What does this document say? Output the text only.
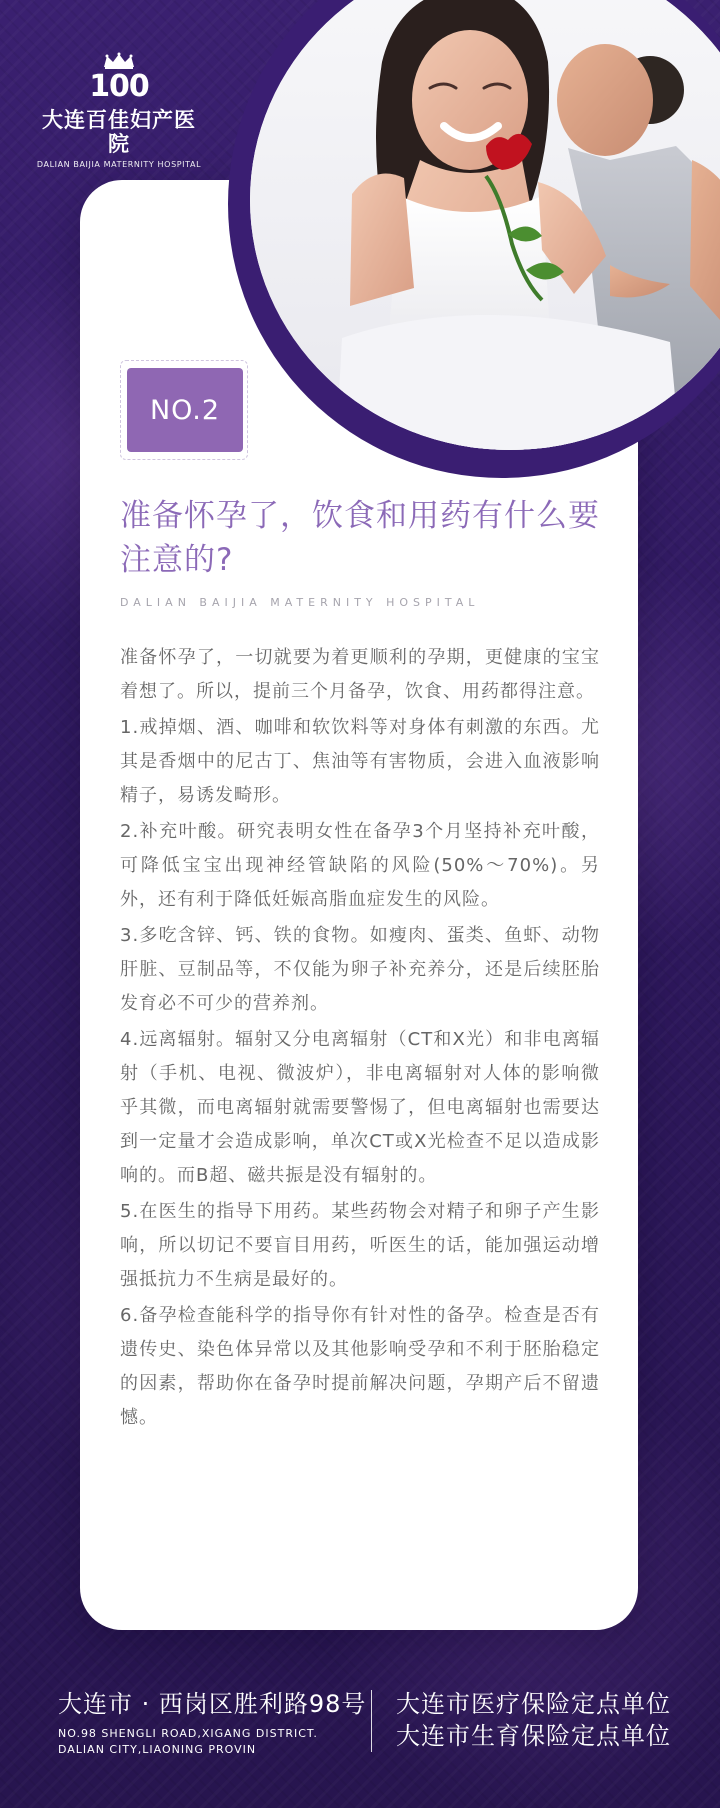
100
大连百佳妇产医院
DALIAN BAIJIA MATERNITY HOSPITAL
NO.2
准备怀孕了，饮食和用药有什么要注意的?
DALIAN BAIJIA MATERNITY HOSPITAL

准备怀孕了，一切就要为着更顺利的孕期，更健康的宝宝着想了。所以，提前三个月备孕，饮食、用药都得注意。

1.戒掉烟、酒、咖啡和软饮料等对身体有刺激的东西。尤其是香烟中的尼古丁、焦油等有害物质，会进入血液影响精子，易诱发畸形。

2.补充叶酸。研究表明女性在备孕3个月坚持补充叶酸，可降低宝宝出现神经管缺陷的风险(50%～70%)。另外，还有利于降低妊娠高脂血症发生的风险。

3.多吃含锌、钙、铁的食物。如瘦肉、蛋类、鱼虾、动物肝脏、豆制品等，不仅能为卵子补充养分，还是后续胚胎发育必不可少的营养剂。

4.远离辐射。辐射又分电离辐射（CT和X光）和非电离辐射（手机、电视、微波炉），非电离辐射对人体的影响微乎其微，而电离辐射就需要警惕了，但电离辐射也需要达到一定量才会造成影响，单次CT或X光检查不足以造成影响的。而B超、磁共振是没有辐射的。

5.在医生的指导下用药。某些药物会对精子和卵子产生影响，所以切记不要盲目用药，听医生的话，能加强运动增强抵抗力不生病是最好的。

6.备孕检查能科学的指导你有针对性的备孕。检查是否有遗传史、染色体异常以及其他影响受孕和不利于胚胎稳定的因素，帮助你在备孕时提前解决问题，孕期产后不留遗憾。

大连市 · 西岗区胜利路98号
NO.98 SHENGLI ROAD,XIGANG DISTRICT.
DALIAN CITY,LIAONING PROVIN
大连市医疗保险定点单位
大连市生育保险定点单位
